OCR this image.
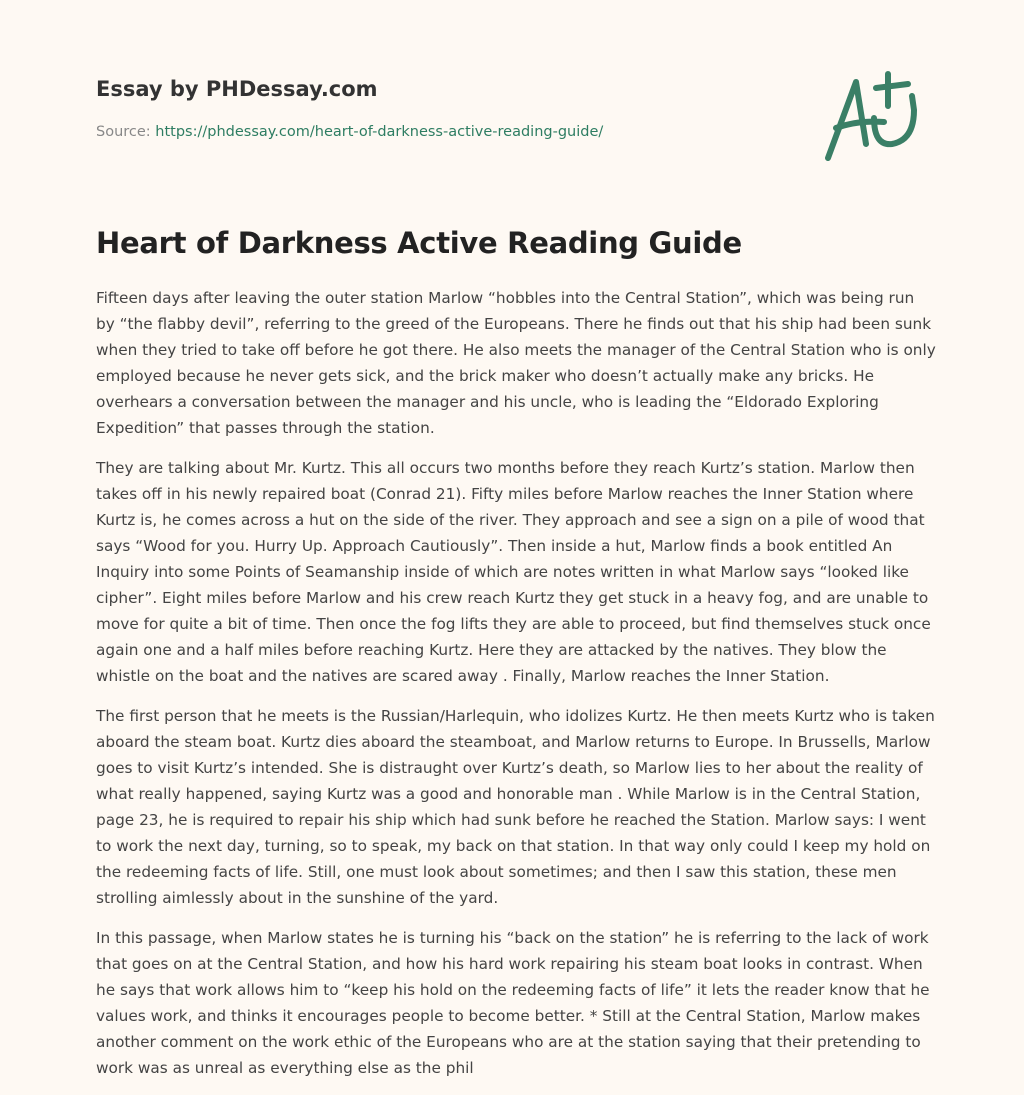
Essay by PHDessay.com
Source: https://phdessay.com/heart-of-darkness-active-reading-guide/
Heart of Darkness Active Reading Guide

Fifteen days after leaving the outer station Marlow “hobbles into the Central Station”, which was being run by “the flabby devil”, referring to the greed of the Europeans. There he finds out that his ship had been sunk when they tried to take off before he got there. He also meets the manager of the Central Station who is only employed because he never gets sick, and the brick maker who doesn’t actually make any bricks. He overhears a conversation between the manager and his uncle, who is leading the “Eldorado Exploring Expedition” that passes through the station.

They are talking about Mr. Kurtz. This all occurs two months before they reach Kurtz’s station. Marlow then takes off in his newly repaired boat (Conrad 21). Fifty miles before Marlow reaches the Inner Station where Kurtz is, he comes across a hut on the side of the river. They approach and see a sign on a pile of wood that says “Wood for you. Hurry Up. Approach Cautiously”. Then inside a hut, Marlow finds a book entitled An Inquiry into some Points of Seamanship inside of which are notes written in what Marlow says “looked like cipher”. Eight miles before Marlow and his crew reach Kurtz they get stuck in a heavy fog, and are unable to move for quite a bit of time. Then once the fog lifts they are able to proceed, but find themselves stuck once again one and a half miles before reaching Kurtz. Here they are attacked by the natives. They blow the whistle on the boat and the natives are scared away . Finally, Marlow reaches the Inner Station.

The first person that he meets is the Russian/Harlequin, who idolizes Kurtz. He then meets Kurtz who is taken aboard the steam boat. Kurtz dies aboard the steamboat, and Marlow returns to Europe. In Brussells, Marlow goes to visit Kurtz’s intended. She is distraught over Kurtz’s death, so Marlow lies to her about the reality of what really happened, saying Kurtz was a good and honorable man . While Marlow is in the Central Station, page 23, he is required to repair his ship which had sunk before he reached the Station. Marlow says: I went to work the next day, turning, so to speak, my back on that station. In that way only could I keep my hold on the redeeming facts of life. Still, one must look about sometimes; and then I saw this station, these men strolling aimlessly about in the sunshine of the yard.

In this passage, when Marlow states he is turning his “back on the station” he is referring to the lack of work that goes on at the Central Station, and how his hard work repairing his steam boat looks in contrast. When he says that work allows him to “keep his hold on the redeeming facts of life” it lets the reader know that he values work, and thinks it encourages people to become better. * Still at the Central Station, Marlow makes another comment on the work ethic of the Europeans who are at the station saying that their pretending to work was as unreal as everything else as the phil
